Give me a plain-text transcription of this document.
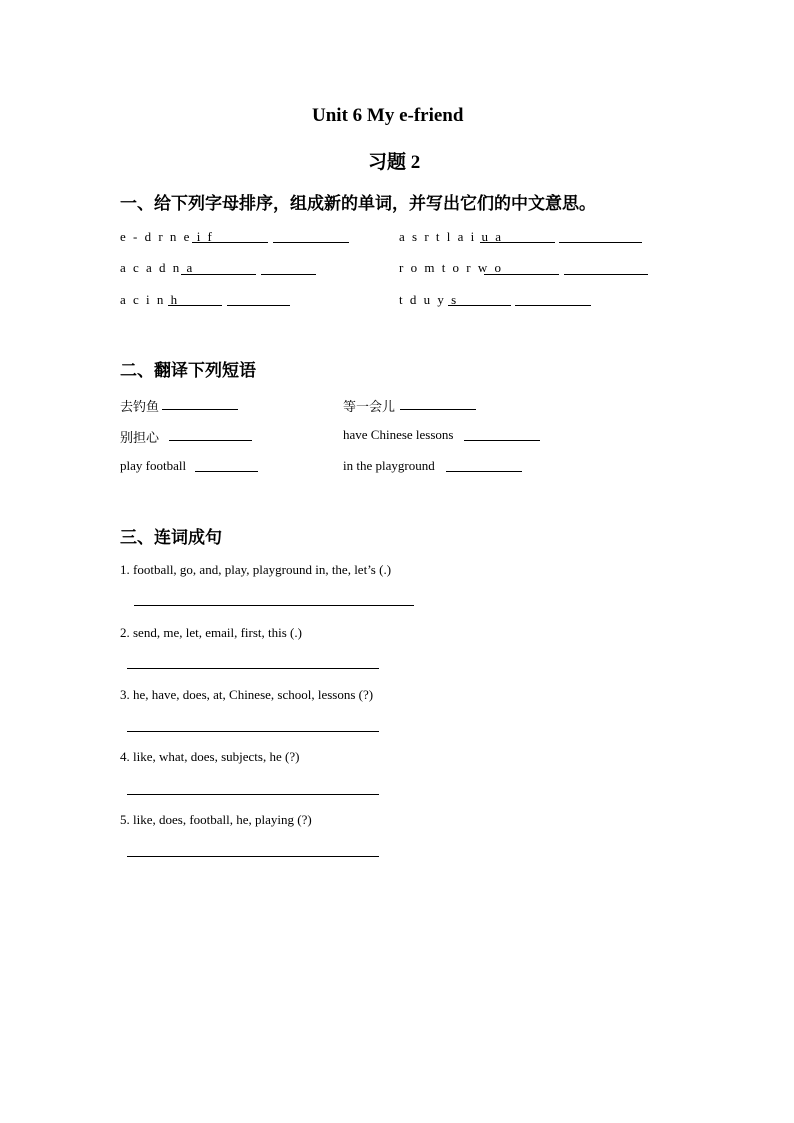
Unit 6 My e-friend
习题 2
一、给下列字母排序，组成新的单词，并写出它们的中文意思。
e - d r n e i f	a s r t l a i u a
a c a d n a	r o m t o r w o
a c i n h	t d u y s
二、翻译下列短语
去钓鱼	等一会儿
别担心	have Chinese lessons
play football	in the playground
三、连词成句
1. football, go, and, play, playground in, the, let’s (.)
2. send, me, let, email, first, this (.)
3. he, have, does, at, Chinese, school, lessons (?)
4. like, what, does, subjects, he (?)
5. like, does, football, he, playing (?)
